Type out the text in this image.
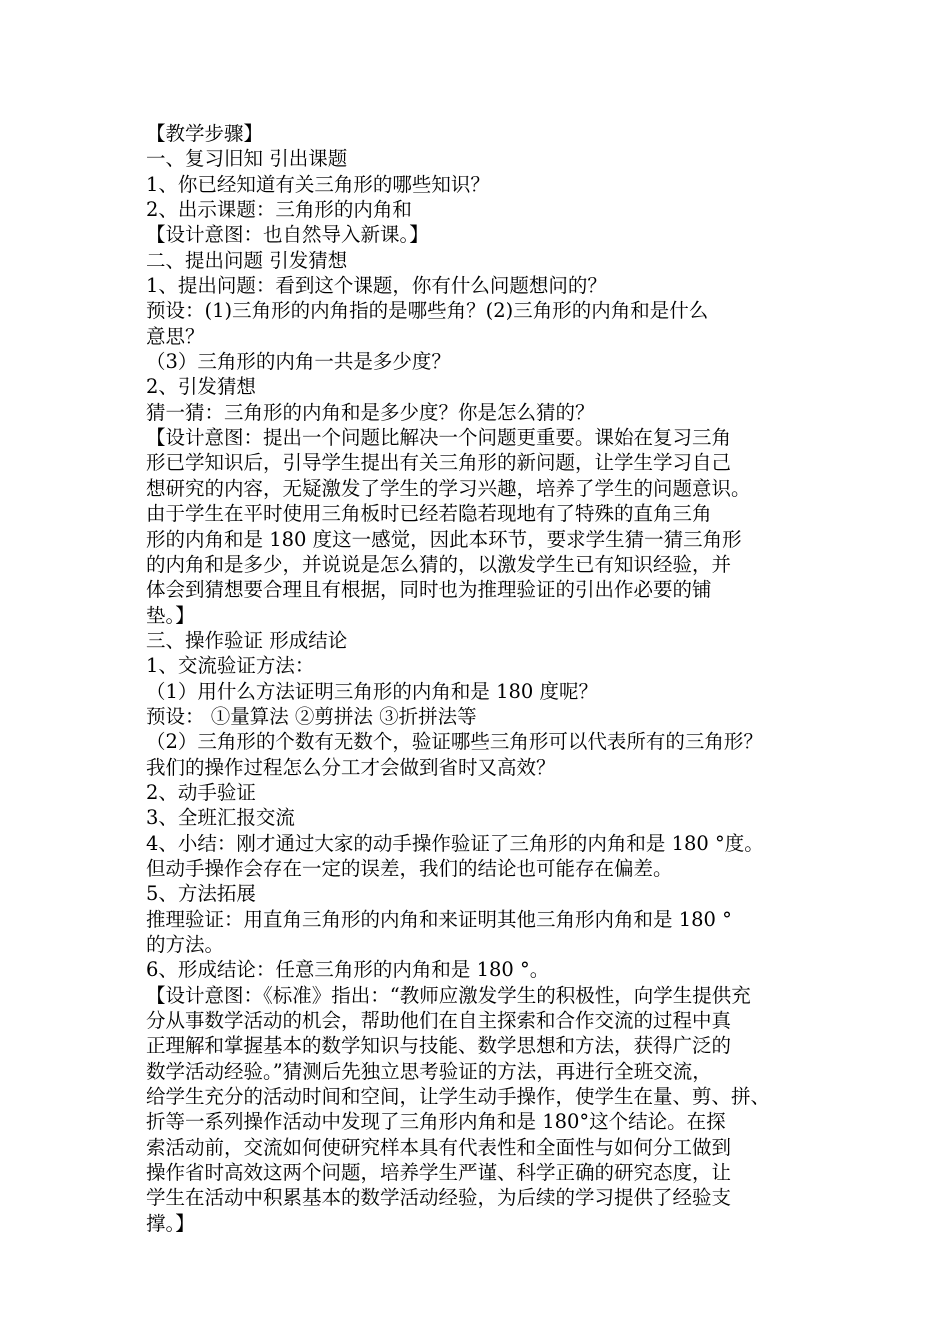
【教学步骤】
一、复习旧知 引出课题
1、你已经知道有关三角形的哪些知识？
2、出示课题：三角形的内角和
【设计意图：也自然导入新课。】
二、提出问题 引发猜想
1、提出问题：看到这个课题，你有什么问题想问的？
预设：(1)三角形的内角指的是哪些角？(2)三角形的内角和是什么
意思？
（3）三角形的内角一共是多少度？
2、引发猜想
猜一猜：三角形的内角和是多少度？你是怎么猜的？
【设计意图：提出一个问题比解决一个问题更重要。课始在复习三角
形已学知识后，引导学生提出有关三角形的新问题，让学生学习自己
想研究的内容，无疑激发了学生的学习兴趣，培养了学生的问题意识。
由于学生在平时使用三角板时已经若隐若现地有了特殊的直角三角
形的内角和是 180 度这一感觉，因此本环节，要求学生猜一猜三角形
的内角和是多少，并说说是怎么猜的，以激发学生已有知识经验，并
体会到猜想要合理且有根据，同时也为推理验证的引出作必要的铺
垫。】
三、操作验证 形成结论
1、交流验证方法：
（1）用什么方法证明三角形的内角和是 180 度呢？
预设： ①量算法 ②剪拼法 ③折拼法等
（2）三角形的个数有无数个，验证哪些三角形可以代表所有的三角形？
我们的操作过程怎么分工才会做到省时又高效？
2、动手验证
3、全班汇报交流
4、小结：刚才通过大家的动手操作验证了三角形的内角和是 180 °度。
但动手操作会存在一定的误差，我们的结论也可能存在偏差。
5、方法拓展
推理验证：用直角三角形的内角和来证明其他三角形内角和是 180 °
的方法。
6、形成结论：任意三角形的内角和是 180 °。
【设计意图：《标准》指出：“教师应激发学生的积极性，向学生提供充
分从事数学活动的机会，帮助他们在自主探索和合作交流的过程中真
正理解和掌握基本的数学知识与技能、数学思想和方法，获得广泛的
数学活动经验。”猜测后先独立思考验证的方法，再进行全班交流，
给学生充分的活动时间和空间，让学生动手操作，使学生在量、剪、拼、
折等一系列操作活动中发现了三角形内角和是 180°这个结论。在探
索活动前，交流如何使研究样本具有代表性和全面性与如何分工做到
操作省时高效这两个问题，培养学生严谨、科学正确的研究态度，让
学生在活动中积累基本的数学活动经验，为后续的学习提供了经验支
撑。】
